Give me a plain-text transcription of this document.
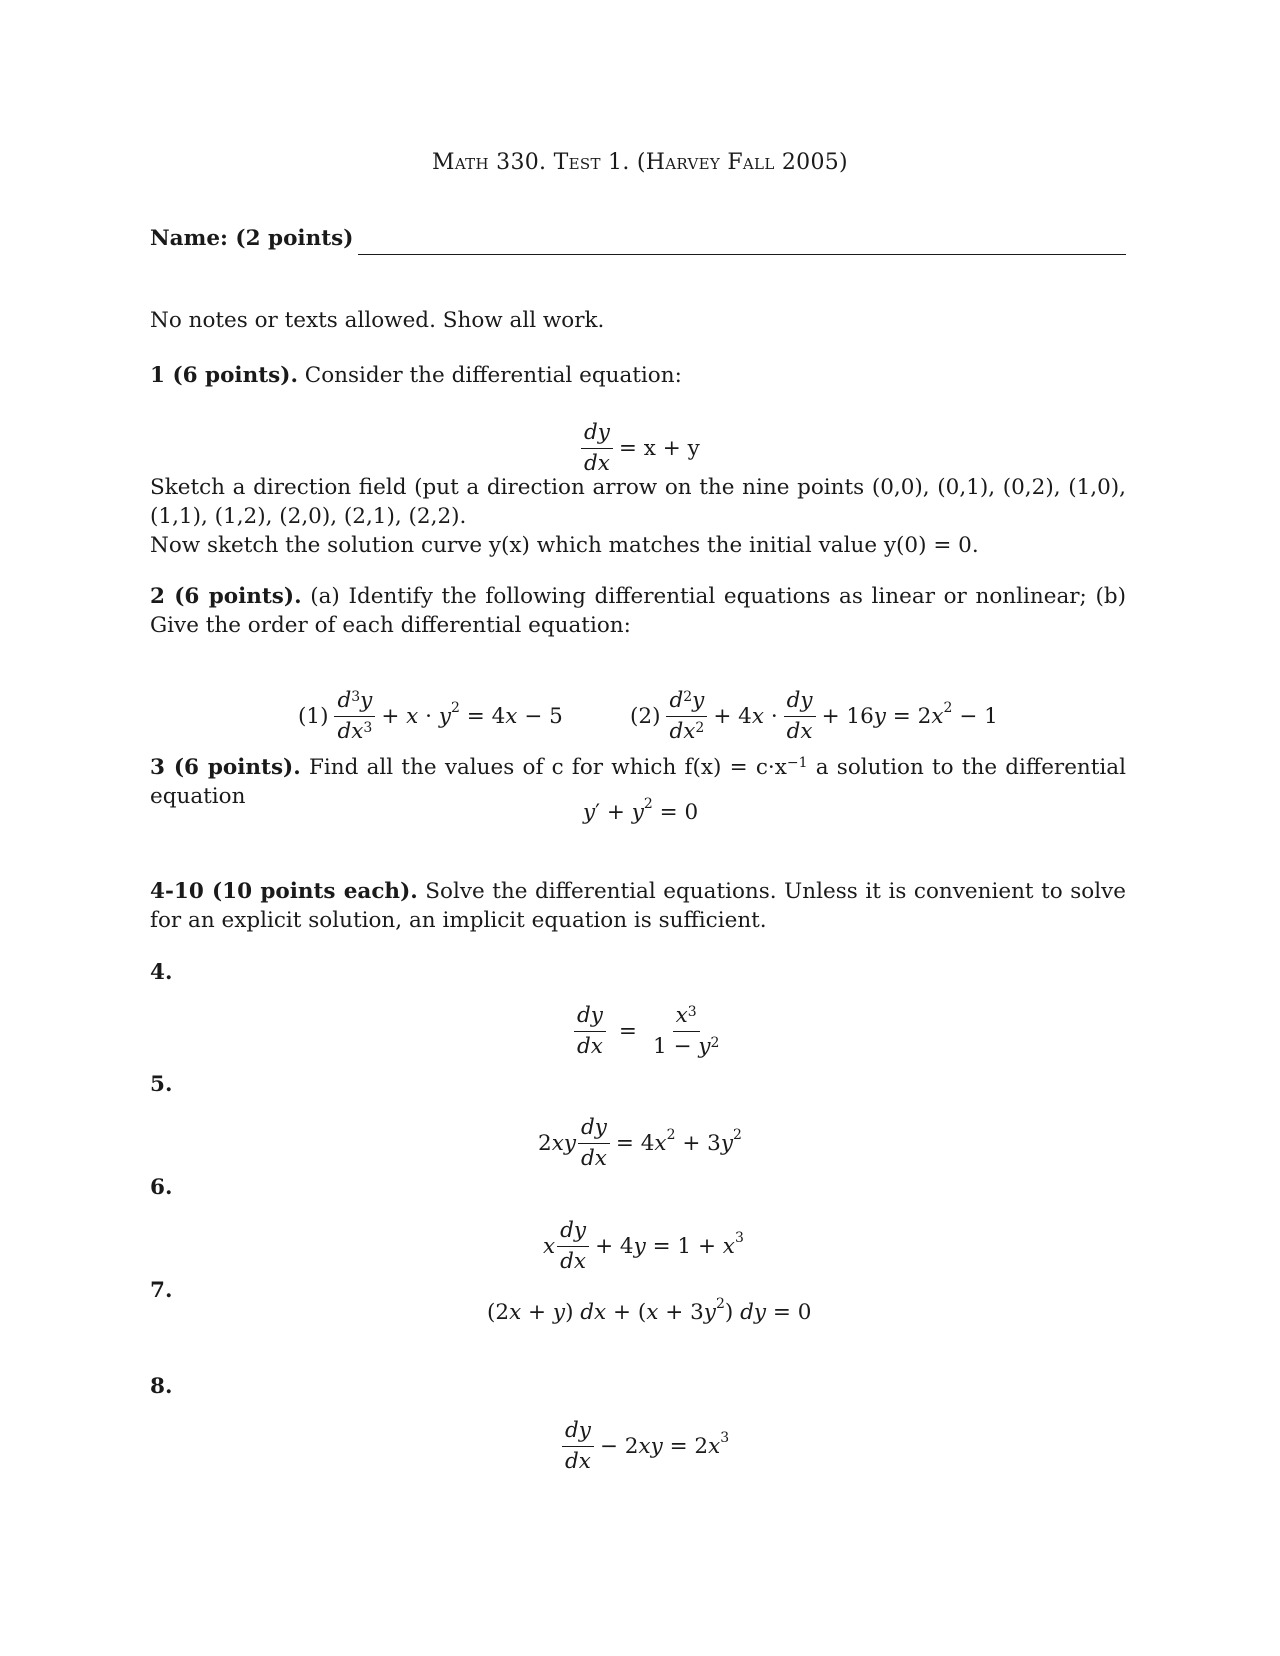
Math 330. Test 1. (Harvey Fall 2005)
Name: (2 points)
No notes or texts allowed. Show all work.
1 (6 points). Consider the differential equation:
$\frac{dy}{dx} = x + y$
Sketch a direction field (put a direction arrow on the nine points (0,0), (0,1), (0,2), (1,0), (1,1), (1,2), (2,0), (2,1), (2,2).
Now sketch the solution curve y(x) which matches the initial value y(0) = 0.
2 (6 points). (a) Identify the following differential equations as linear or nonlinear; (b) Give the order of each differential equation:
$(1) \frac{d^3y}{dx^3} + x \cdot y^2 = 4x - 5$	$(2) \frac{d^2y}{dx^2} + 4x \cdot \frac{dy}{dx} + 16y = 2x^2 - 1$
3 (6 points). Find all the values of c for which $f(x) = c\cdot x^{-1}$ a solution to the differential equation
$y' + y^2 = 0$
4-10 (10 points each). Solve the differential equations. Unless it is convenient to solve for an explicit solution, an implicit equation is sufficient.
4.
$\frac{dy}{dx} = \frac{x^3}{1 - y^2}$
5.
$2xy \frac{dy}{dx} = 4x^2 + 3y^2$
6.
x $\frac{dy}{dx} + 4y = 1 + x^3$
7.
(2x + y) dx + $(x + 3y^2)$ dy = 0
8.
$\frac{dy}{dx} - 2xy = 2x^3$
